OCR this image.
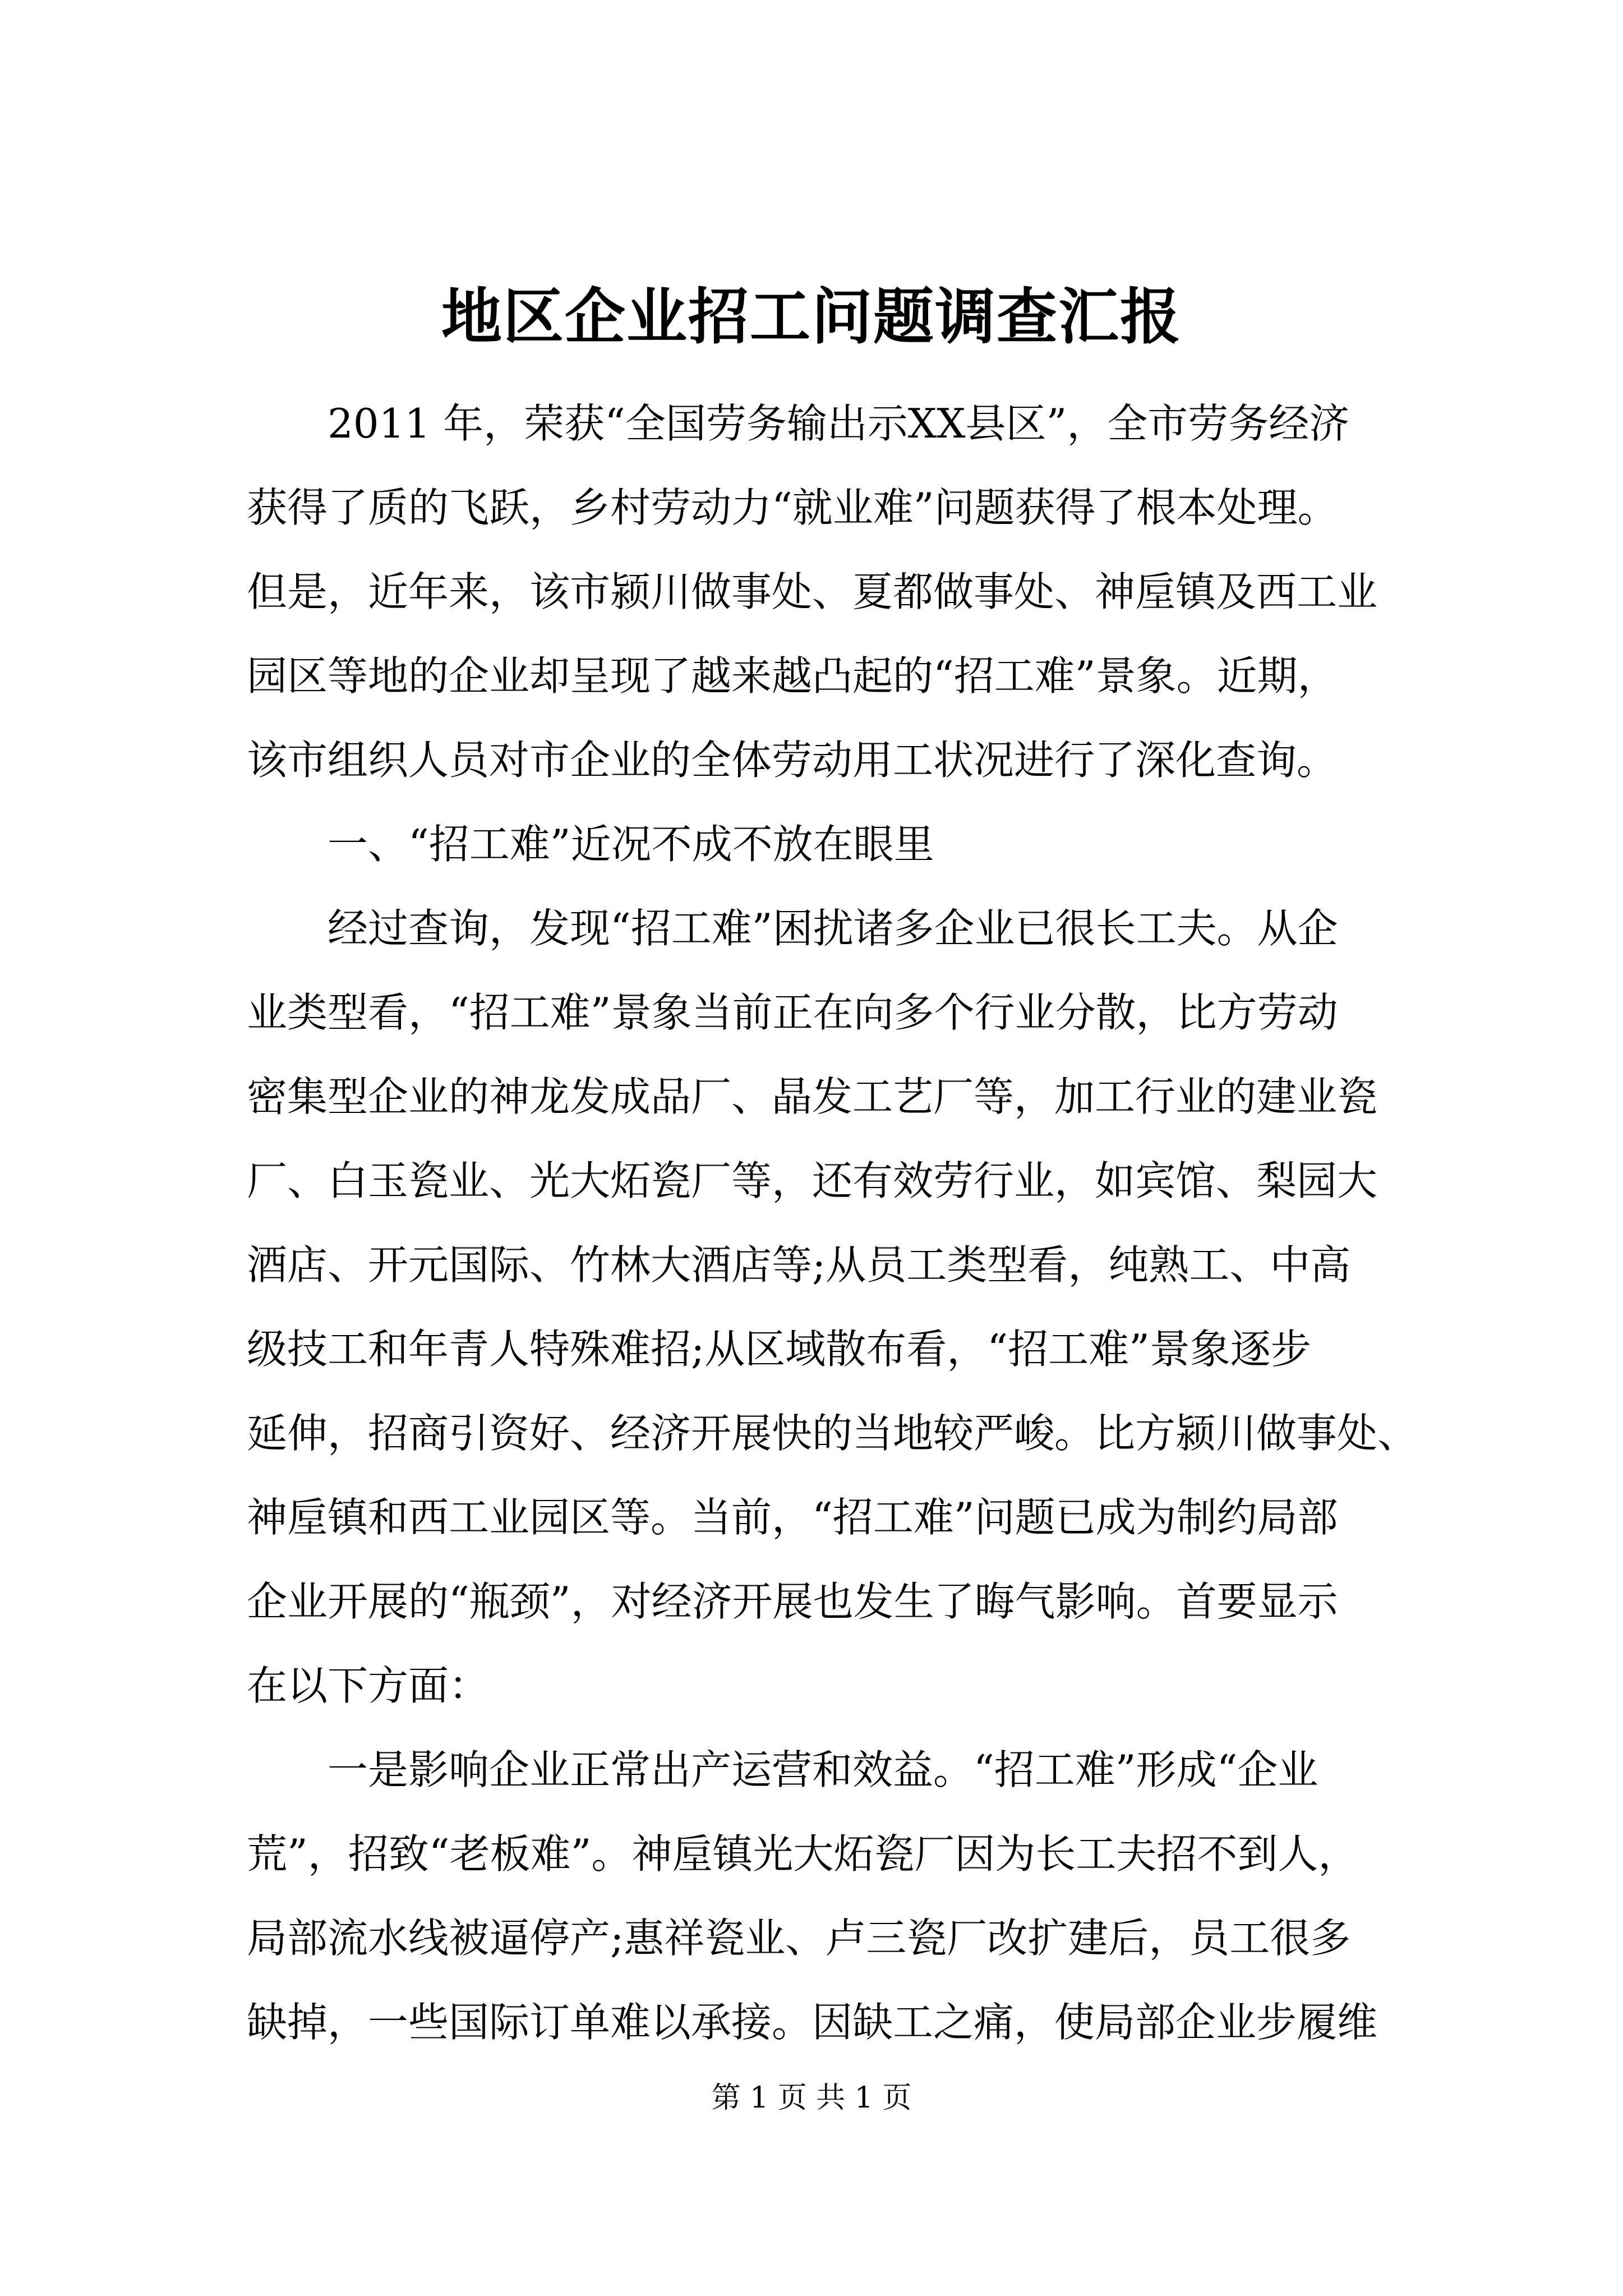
地区企业招工问题调查汇报
　　2011 年，荣获“全国劳务输出示XX县区”，全市劳务经济
获得了质的飞跃，乡村劳动力“就业难”问题获得了根本处理。
但是，近年来，该市颍川做事处、夏都做事处、神垕镇及西工业
园区等地的企业却呈现了越来越凸起的“招工难”景象。近期，
该市组织人员对市企业的全体劳动用工状况进行了深化查询。
　　一、“招工难”近况不成不放在眼里
　　经过查询，发现“招工难”困扰诸多企业已很长工夫。从企
业类型看，“招工难”景象当前正在向多个行业分散，比方劳动
密集型企业的神龙发成品厂、晶发工艺厂等，加工行业的建业瓷
厂、白玉瓷业、光大炻瓷厂等，还有效劳行业，如宾馆、梨园大
酒店、开元国际、竹林大酒店等;从员工类型看，纯熟工、中高
级技工和年青人特殊难招;从区域散布看，“招工难”景象逐步
延伸，招商引资好、经济开展快的当地较严峻。比方颍川做事处、
神垕镇和西工业园区等。当前，“招工难”问题已成为制约局部
企业开展的“瓶颈”，对经济开展也发生了晦气影响。首要显示
在以下方面：
　　一是影响企业正常出产运营和效益。“招工难”形成“企业
荒”，招致“老板难”。神垕镇光大炻瓷厂因为长工夫招不到人，
局部流水线被逼停产;惠祥瓷业、卢三瓷厂改扩建后，员工很多
缺掉，一些国际订单难以承接。因缺工之痛，使局部企业步履维
第 1 页 共 1 页
